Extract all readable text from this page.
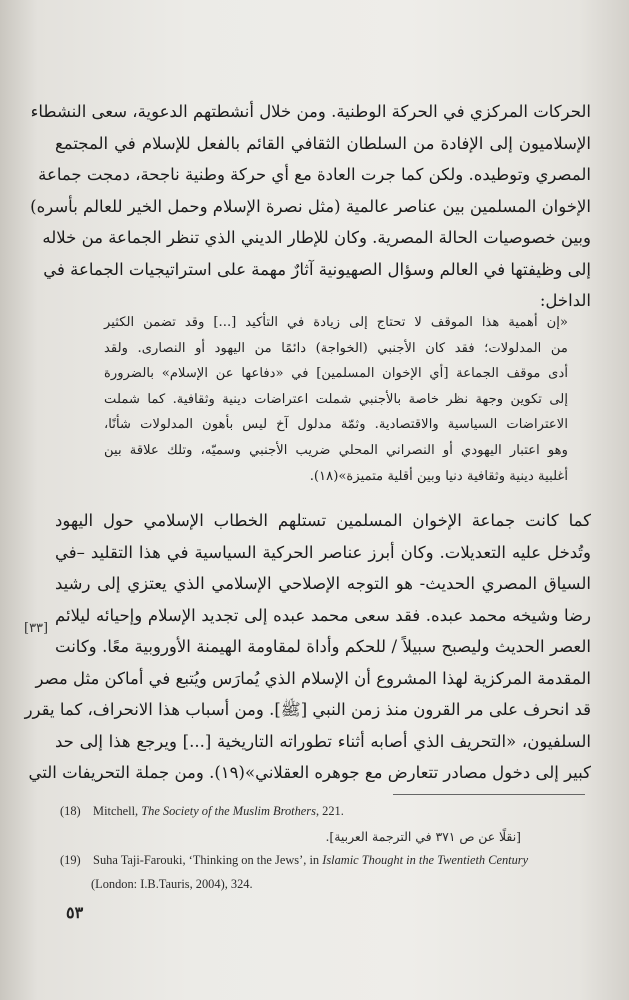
الحركات المركزي في الحركة الوطنية. ومن خلال أنشطتهم الدعوية، سعى النشطاء
الإسلاميون إلى الإفادة من السلطان الثقافي القائم بالفعل للإسلام في المجتمع
المصري وتوطيده. ولكن كما جرت العادة مع أي حركة وطنية ناجحة، دمجت جماعة
الإخوان المسلمين بين عناصر عالمية (مثل نصرة الإسلام وحمل الخير للعالم بأسره)
وبين خصوصيات الحالة المصرية. وكان للإطار الديني الذي تنظر الجماعة من خلاله
إلى وظيفتها في العالم وسؤال الصهيونية آثارٌ مهمة على استراتيجيات الجماعة في
الداخل:
«إن أهمية هذا الموقف لا تحتاج إلى زيادة في التأكيد [...] وقد تضمن الكثير
من المدلولات؛ فقد كان الأجنبي (الخواجة) دائمًا من اليهود أو النصارى. ولقد
أدى موقف الجماعة [أي الإخوان المسلمين] في «دفاعها عن الإسلام» بالضرورة
إلى تكوين وجهة نظر خاصة بالأجنبي شملت اعتراضات دينية وثقافية. كما شملت
الاعتراضات السياسية والاقتصادية. وثمّة مدلول آخ ليس بأهون المدلولات شأنًا،
وهو اعتبار اليهودي أو النصراني المحلي ضريب الأجنبي وسميّه، وتلك علاقة بين
أغلبية دينية وثقافية دنيا وبين أقلية متميزة»(١٨).
كما كانت جماعة الإخوان المسلمين تستلهم الخطاب الإسلامي حول اليهود
وتُدخل عليه التعديلات. وكان أبرز عناصر الحركية السياسية في هذا التقليد –في
السياق المصري الحديث- هو التوجه الإصلاحي الإسلامي الذي يعتزي إلى رشيد
رضا وشيخه محمد عبده. فقد سعى محمد عبده إلى تجديد الإسلام وإحيائه ليلائم
العصر الحديث وليصبح سبيلاً / للحكم وأداة لمقاومة الهيمنة الأوروبية معًا. وكانت
المقدمة المركزية لهذا المشروع أن الإسلام الذي يُمارَس ويُتبع في أماكن مثل مصر
قد انحرف على مر القرون منذ زمن النبي [ﷺ]. ومن أسباب هذا الانحراف، كما يقرر
السلفيون، «التحريف الذي أصابه أثناء تطوراته التاريخية [...] ويرجع هذا إلى حد
كبير إلى دخول مصادر تتعارض مع جوهره العقلاني»(١٩). ومن جملة التحريفات التي
[٣٣]
(18) Mitchell, The Society of the Muslim Brothers, 221.
[نقلًا عن ص ٣٧١ في الترجمة العربية].
(19) Suha Taji-Farouki, ‘Thinking on the Jews’, in Islamic Thought in the Twentieth Century
(London: I.B.Tauris, 2004), 324.
٥٣
